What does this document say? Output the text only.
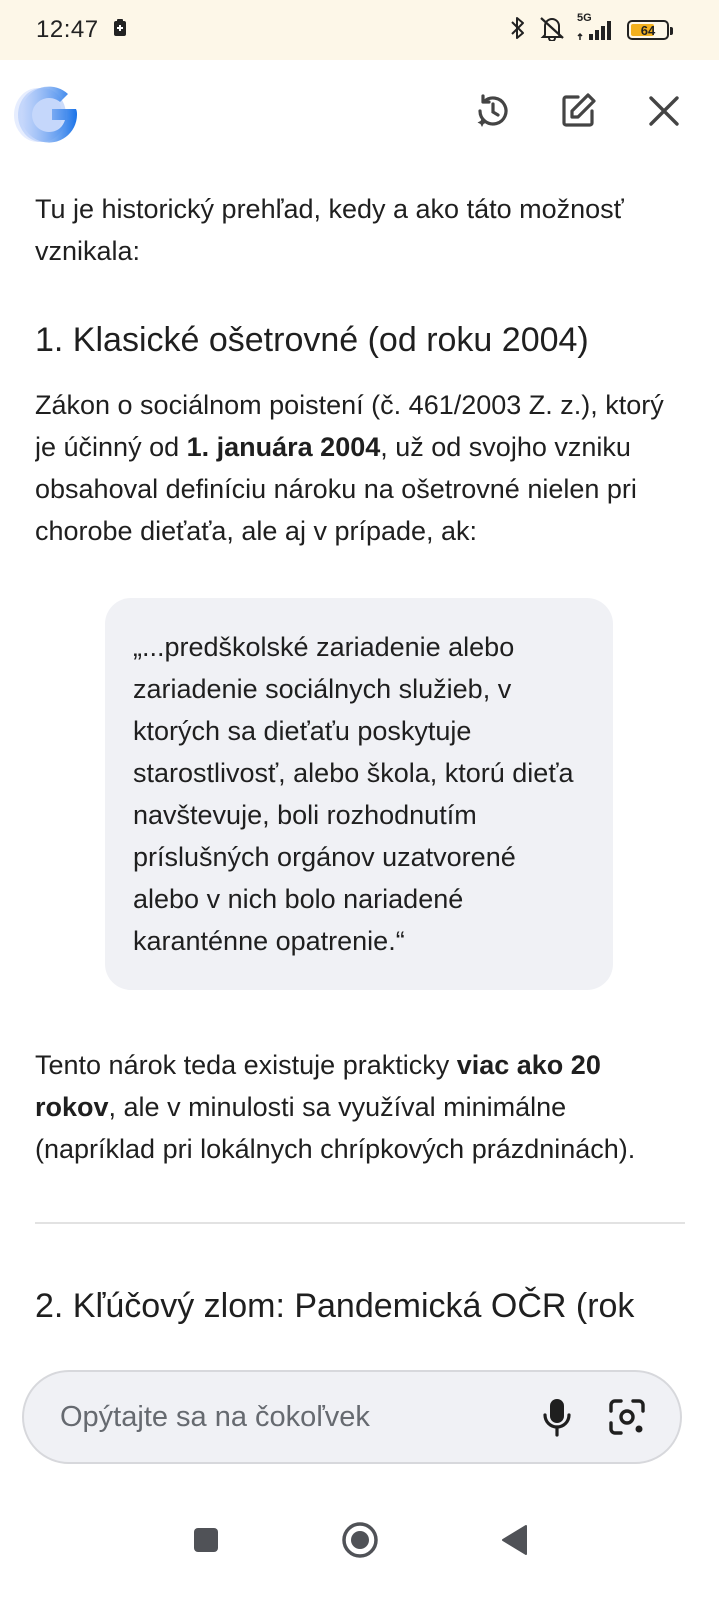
12:47	5G
64

Tu je historický prehľad, kedy a ako táto možnosť vznikala:

1. Klasické ošetrovné (od roku 2004)

Zákon o sociálnom poistení (č. 461/2003 Z. z.), ktorý je účinný od 1. januára 2004, už od svojho vzniku obsahoval definíciu nároku na ošetrovné nielen pri chorobe dieťaťa, ale aj v prípade, ak:

„...predškolské zariadenie alebo zariadenie sociálnych služieb, v ktorých sa dieťaťu poskytuje starostlivosť, alebo škola, ktorú dieťa navštevuje, boli rozhodnutím príslušných orgánov uzatvorené alebo v nich bolo nariadené karanténne opatrenie.“

Tento nárok teda existuje prakticky viac ako 20 rokov, ale v minulosti sa využíval minimálne (napríklad pri lokálnych chrípkových prázdninách).

2. Kľúčový zlom: Pandemická OČR (rok
Opýtajte sa na čokoľvek
